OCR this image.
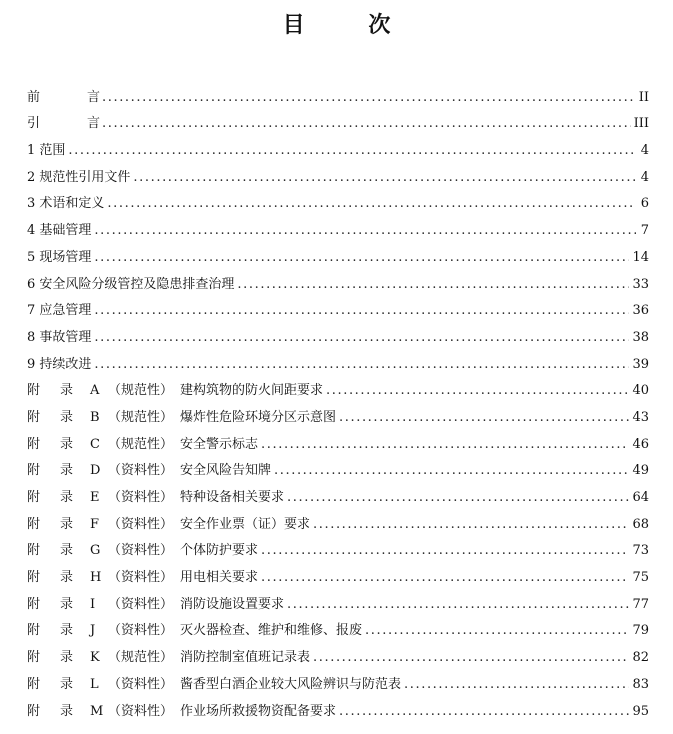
目 次
前	言 .....	II
引	言 .....	III
1 范围 .....	4
2 规范性引用文件 .....	4
3 术语和定义 .....	6
4 基础管理 .....	7
5 现场管理 .....	14
6 安全风险分级管控及隐患排查治理 .....	33
7 应急管理 .....	36
8 事故管理 .....	38
9 持续改进 .....	39
附	录	A （规范性） 建构筑物的防火间距要求 .....	40
附	录	B （规范性） 爆炸性危险环境分区示意图 .....	43
附	录	C （规范性） 安全警示标志 .....	46
附	录	D （资料性） 安全风险告知牌 .....	49
附	录	E （资料性） 特种设备相关要求 .....	64
附	录	F （资料性） 安全作业票（证）要求 .....	68
附	录	G （资料性） 个体防护要求 .....	73
附	录	H （资料性） 用电相关要求 .....	75
附	录	I （资料性） 消防设施设置要求 .....	77
附	录	J （资料性） 灭火器检查、维护和维修、报废 .....	79
附	录	K （规范性） 消防控制室值班记录表 .....	82
附	录	L （资料性） 酱香型白酒企业较大风险辨识与防范表 .....	83
附	录	M （资料性） 作业场所救援物资配备要求 .....	95
